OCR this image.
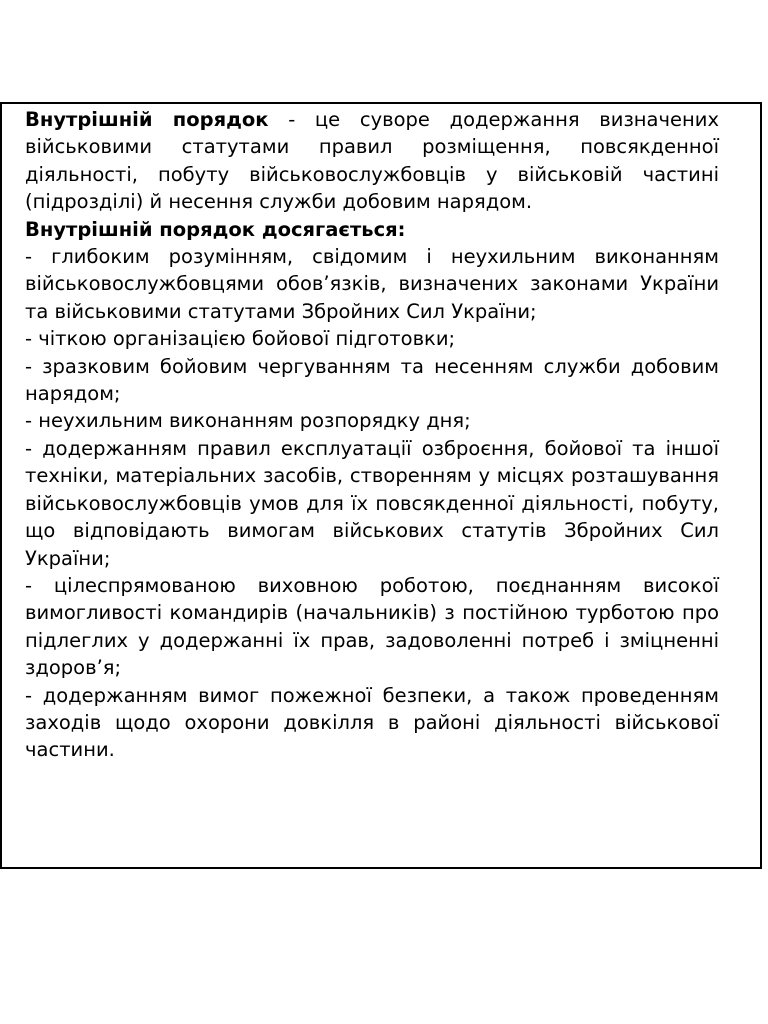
Внутрішній порядок - це суворе додержання визначених військовими статутами правил розміщення, повсякденної діяльності, побуту військовослужбовців у військовій частині (підрозділі) й несення служби добовим нарядом.

Внутрішній порядок досягається:

- глибоким розумінням, свідомим і неухильним виконанням військовослужбовцями обов’язків, визначених законами України та військовими статутами Збройних Сил України;

- чіткою організацією бойової підготовки;

- зразковим бойовим чергуванням та несенням служби добовим нарядом;

- неухильним виконанням розпорядку дня;

- додержанням правил експлуатації озброєння, бойової та іншої техніки, матеріальних засобів, створенням у місцях розташування військовослужбовців умов для їх повсякденної діяльності, побуту, що відповідають вимогам військових статутів Збройних Сил України;

- цілеспрямованою виховною роботою, поєднанням високої вимогливості командирів (начальників) з постійною турботою про підлеглих у додержанні їх прав, задоволенні потреб і зміцненні здоров’я;

- додержанням вимог пожежної безпеки, а також проведенням заходів щодо охорони довкілля в районі діяльності військової частини.
